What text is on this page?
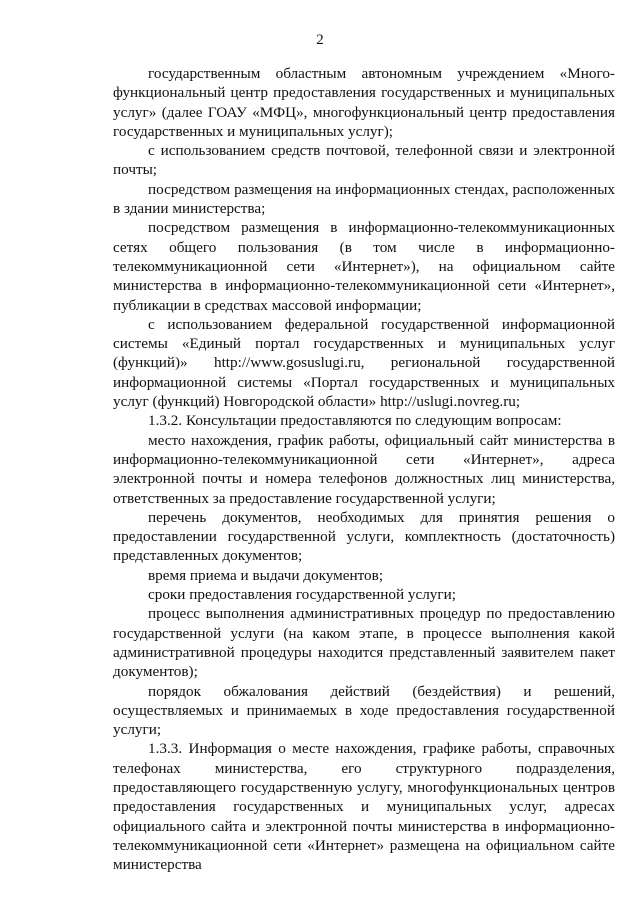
2

государственным областным автономным учреждением «Много-функциональный центр предоставления государственных и муниципальных услуг» (далее ГОАУ «МФЦ», многофункциональный центр предоставления государственных и муниципальных услуг);

с использованием средств почтовой, телефонной связи и электронной почты;

посредством размещения на информационных стендах, расположенных в здании министерства;

посредством размещения в информационно-телекоммуникационных сетях общего пользования (в том числе в информационно-телекоммуникационной сети «Интернет»), на официальном сайте министерства в информационно-телекоммуникационной сети «Интернет», публикации в средствах массовой информации;

с использованием федеральной государственной информационной системы «Единый портал государственных и муниципальных услуг (функций)» http://www.gosuslugi.ru, региональной государственной информационной системы «Портал государственных и муниципальных услуг (функций) Новгородской области» http://uslugi.novreg.ru;

1.3.2. Консультации предоставляются по следующим вопросам:

место нахождения, график работы, официальный сайт министерства в информационно-телекоммуникационной сети «Интернет», адреса электронной почты и номера телефонов должностных лиц министерства, ответственных за предоставление государственной услуги;

перечень документов, необходимых для принятия решения о предоставлении государственной услуги, комплектность (достаточность) представленных документов;

время приема и выдачи документов;

сроки предоставления государственной услуги;

процесс выполнения административных процедур по предоставлению государственной услуги (на каком этапе, в процессе выполнения какой административной процедуры находится представленный заявителем пакет документов);

порядок обжалования действий (бездействия) и решений, осуществляемых и принимаемых в ходе предоставления государственной услуги;

1.3.3. Информация о месте нахождения, графике работы, справочных телефонах министерства, его структурного подразделения, предоставляющего государственную услугу, многофункциональных центров предоставления государственных и муниципальных услуг, адресах официального сайта и электронной почты министерства в информационно-телекоммуникационной сети «Интернет» размещена на официальном сайте министерства
